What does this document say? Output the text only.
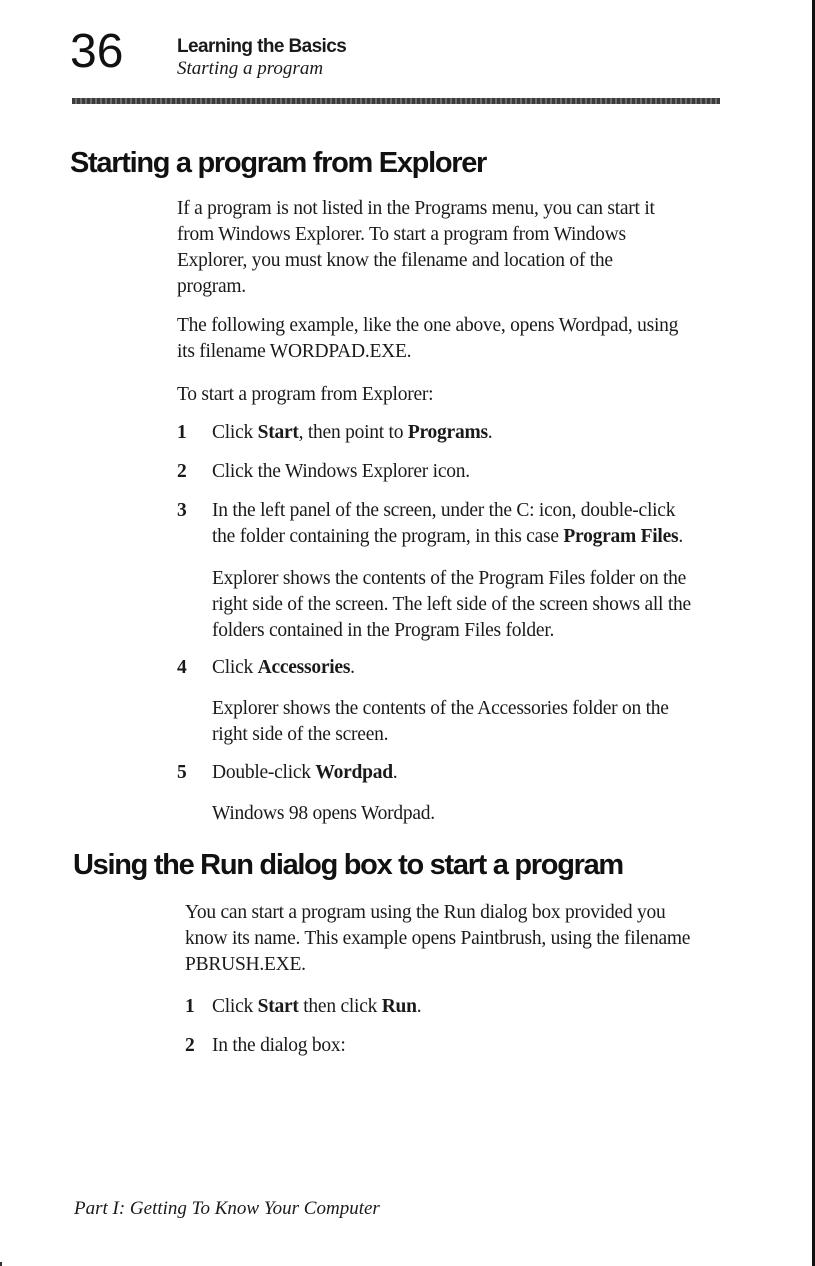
36	Learning the Basics
Starting a program
Starting a program from Explorer
If a program is not listed in the Programs menu, you can start it
from Windows Explorer. To start a program from Windows
Explorer, you must know the filename and location of the
program.
The following example, like the one above, opens Wordpad, using
its filename WORDPAD.EXE.
To start a program from Explorer:
1 Click Start, then point to Programs.
2 Click the Windows Explorer icon.
3 In the left panel of the screen, under the C: icon, double-click
the folder containing the program, in this case Program Files.
Explorer shows the contents of the Program Files folder on the
right side of the screen. The left side of the screen shows all the
folders contained in the Program Files folder.
4 Click Accessories.
Explorer shows the contents of the Accessories folder on the
right side of the screen.
5 Double-click Wordpad.
Windows 98 opens Wordpad.
Using the Run dialog box to start a program
You can start a program using the Run dialog box provided you
know its name. This example opens Paintbrush, using the filename
PBRUSH.EXE.
1 Click Start then click Run.
2 In the dialog box:
Part I: Getting To Know Your Computer
